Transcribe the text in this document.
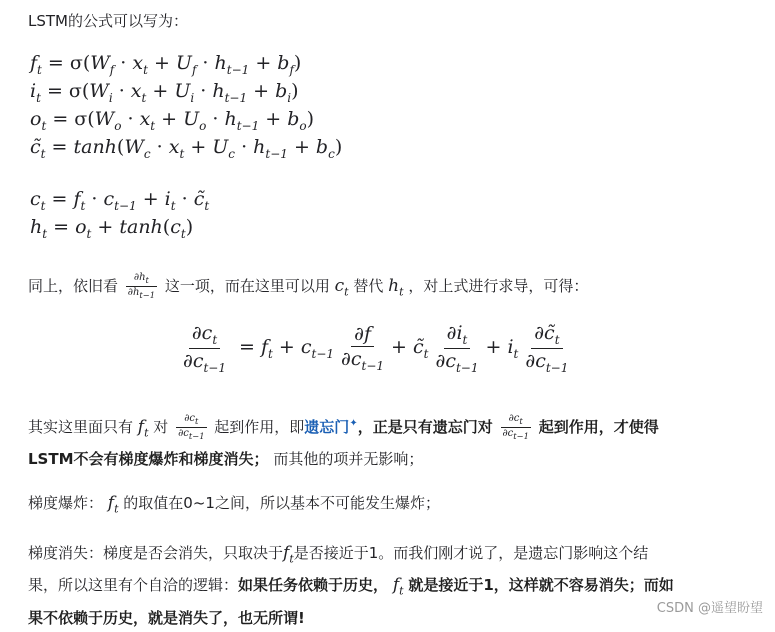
LSTM的公式可以写为：
$f_t = \sigma(W_f \cdot x_t + U_f \cdot h_{t-1} + b_f)$
$i_t = \sigma(W_i \cdot x_t + U_i \cdot h_{t-1} + b_i)$
$o_t = \sigma(W_o \cdot x_t + U_o \cdot h_{t-1} + b_o)$
$c̃_t = \tanh(W_c \cdot x_t + U_c \cdot h_{t-1} + b_c)$
$c_t = f_t \cdot c_{t-1} + i_t$ · $c̃_t$
$h_t = o_t + \tanh(c_t)$
同上，依旧看 $\frac{\partial h_t}{\partial h_{t-1}}$ 这一项，而在这里可以用 $c_t$ 替代 $h_t$ ，对上式进行求导，可得：
$\frac{\partial c_t}{\partial c_{t-1}} = f_t + c_{t-1} \frac{\partial f}{\partial c_{t-1}}$ + $c̃_t \frac{\partial i_t}{\partial c_{t-1}} + i_t \frac{\partial c̃_t}{\partial c_{t-1}}$
其实这里面只有 $f_t$ 对 $\frac{\partial c_t}{\partial c_{t-1}}$ 起到作用，即遗忘门✦，正是只有遗忘门对 $\frac{\partial c_t}{\partial c_{t-1}}$ 起到作用，才使得
LSTM不会有梯度爆炸和梯度消失； 而其他的项并无影响；
梯度爆炸： $f_t$ 的取值在0~1之间，所以基本不可能发生爆炸；
梯度消失：梯度是否会消失，只取决于$f_t$是否接近于1。而我们刚才说了，是遗忘门影响这个结
果，所以这里有个自洽的逻辑：如果任务依赖于历史， $f_t$ 就是接近于1，这样就不容易消失；而如
果不依赖于历史，就是消失了，也无所谓!
CSDN @遥望盼望
